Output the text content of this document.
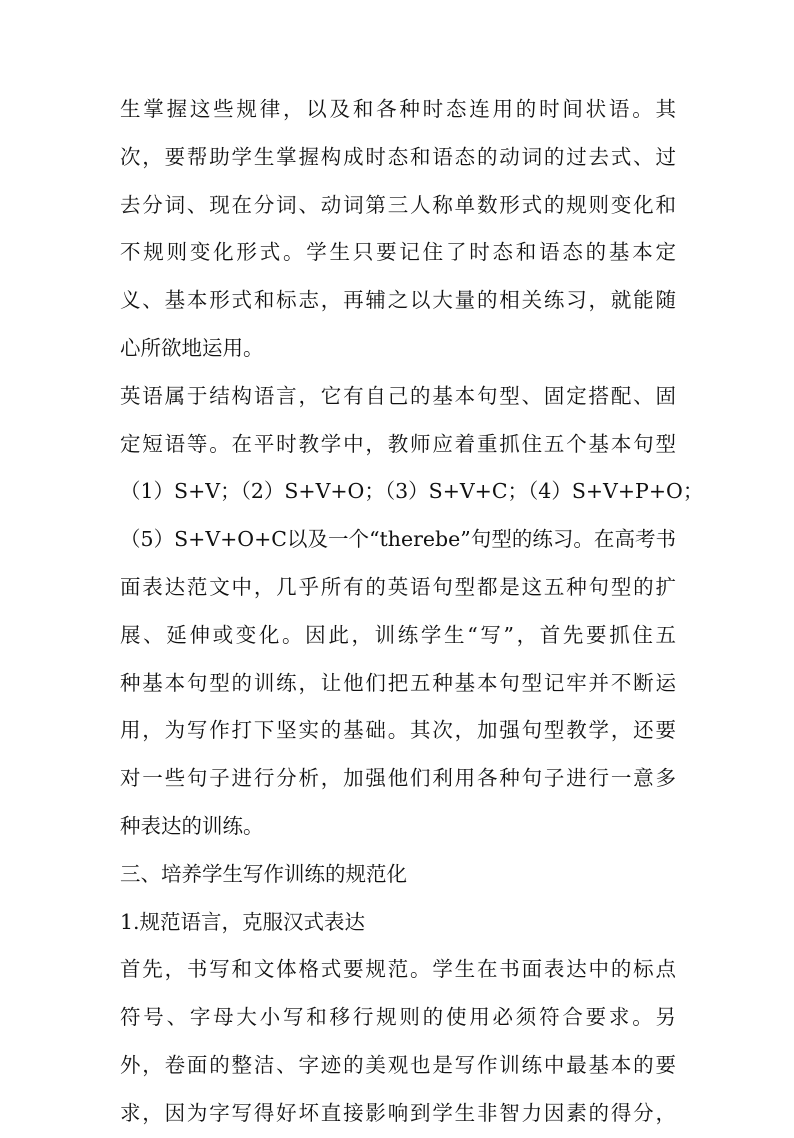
生掌握这些规律，以及和各种时态连用的时间状语。其
次，要帮助学生掌握构成时态和语态的动词的过去式、过
去分词、现在分词、动词第三人称单数形式的规则变化和
不规则变化形式。学生只要记住了时态和语态的基本定
义、基本形式和标志，再辅之以大量的相关练习，就能随
心所欲地运用。
英语属于结构语言，它有自己的基本句型、固定搭配、固
定短语等。在平时教学中，教师应着重抓住五个基本句型
（1）S+V；（2）S+V+O；（3）S+V+C；（4）S+V+P+O；
（5）S+V+O+C以及一个“therebe”句型的练习。在高考书
面表达范文中，几乎所有的英语句型都是这五种句型的扩
展、延伸或变化。因此，训练学生“写”，首先要抓住五
种基本句型的训练，让他们把五种基本句型记牢并不断运
用，为写作打下坚实的基础。其次，加强句型教学，还要
对一些句子进行分析，加强他们利用各种句子进行一意多
种表达的训练。
三、培养学生写作训练的规范化
1.规范语言，克服汉式表达
首先，书写和文体格式要规范。学生在书面表达中的标点
符号、字母大小写和移行规则的使用必须符合要求。另
外，卷面的整洁、字迹的美观也是写作训练中最基本的要
求，因为字写得好坏直接影响到学生非智力因素的得分，
